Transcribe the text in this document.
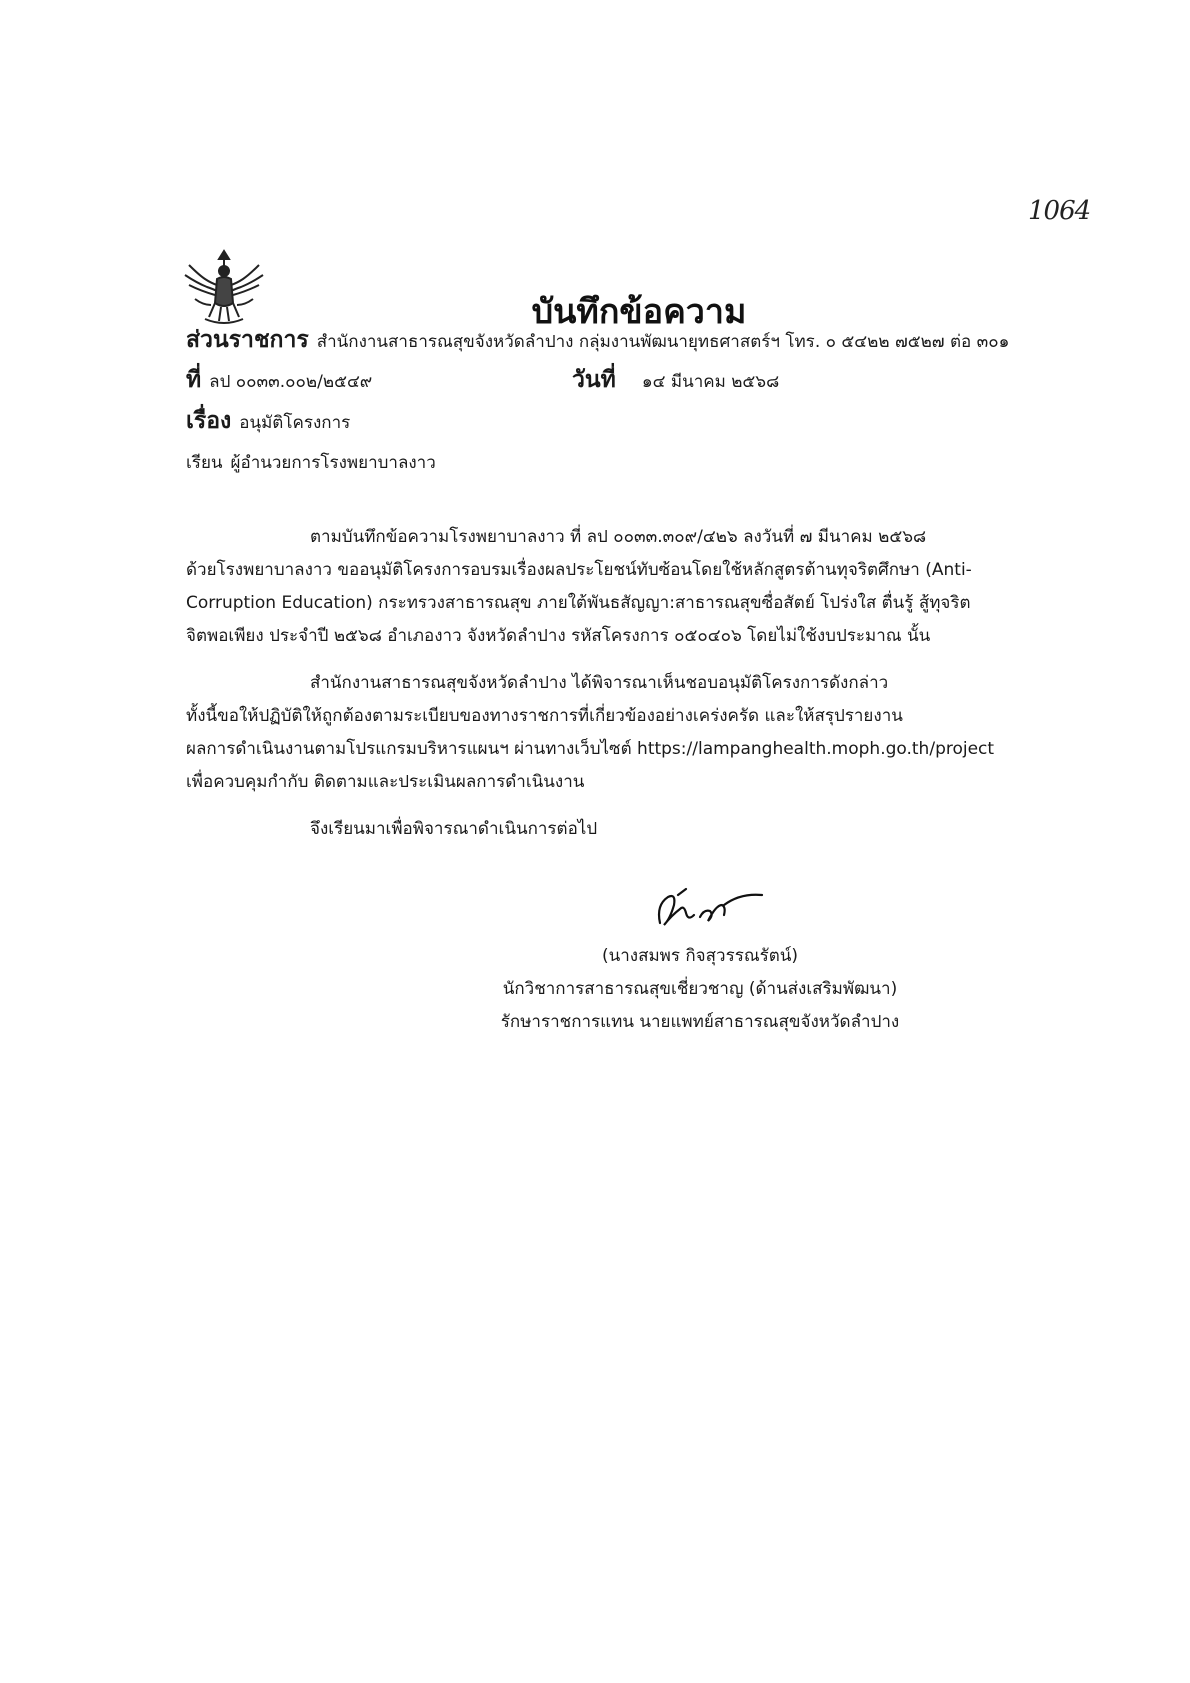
1064
บันทึกข้อความ
ส่วนราชการ สำนักงานสาธารณสุขจังหวัดลำปาง กลุ่มงานพัฒนายุทธศาสตร์ฯ โทร. ๐ ๕๔๒๒ ๗๕๒๗ ต่อ ๓๐๑
ที่ ลป ๐๐๓๓.๐๐๒/๒๕๔๙	วันที่ ๑๔ มีนาคม ๒๕๖๘
เรื่อง อนุมัติโครงการ
เรียน ผู้อำนวยการโรงพยาบาลงาว
ตามบันทึกข้อความโรงพยาบาลงาว ที่ ลป ๐๐๓๓.๓๐๙/๔๒๖ ลงวันที่ ๗ มีนาคม ๒๕๖๘
ด้วยโรงพยาบาลงาว ขออนุมัติโครงการอบรมเรื่องผลประโยชน์ทับซ้อนโดยใช้หลักสูตรต้านทุจริตศึกษา (Anti-
Corruption Education) กระทรวงสาธารณสุข ภายใต้พันธสัญญา:สาธารณสุขซื่อสัตย์ โปร่งใส ตื่นรู้ สู้ทุจริต
จิตพอเพียง ประจำปี ๒๕๖๘ อำเภองาว จังหวัดลำปาง รหัสโครงการ ๐๕๐๔๐๖ โดยไม่ใช้งบประมาณ นั้น
สำนักงานสาธารณสุขจังหวัดลำปาง ได้พิจารณาเห็นชอบอนุมัติโครงการดังกล่าว
ทั้งนี้ขอให้ปฏิบัติให้ถูกต้องตามระเบียบของทางราชการที่เกี่ยวข้องอย่างเคร่งครัด และให้สรุปรายงาน
ผลการดำเนินงานตามโปรแกรมบริหารแผนฯ ผ่านทางเว็บไซต์ https://lampanghealth.moph.go.th/project
เพื่อควบคุมกำกับ ติดตามและประเมินผลการดำเนินงาน
จึงเรียนมาเพื่อพิจารณาดำเนินการต่อไป
(นางสมพร กิจสุวรรณรัตน์)
นักวิชาการสาธารณสุขเชี่ยวชาญ (ด้านส่งเสริมพัฒนา)
รักษาราชการแทน นายแพทย์สาธารณสุขจังหวัดลำปาง
